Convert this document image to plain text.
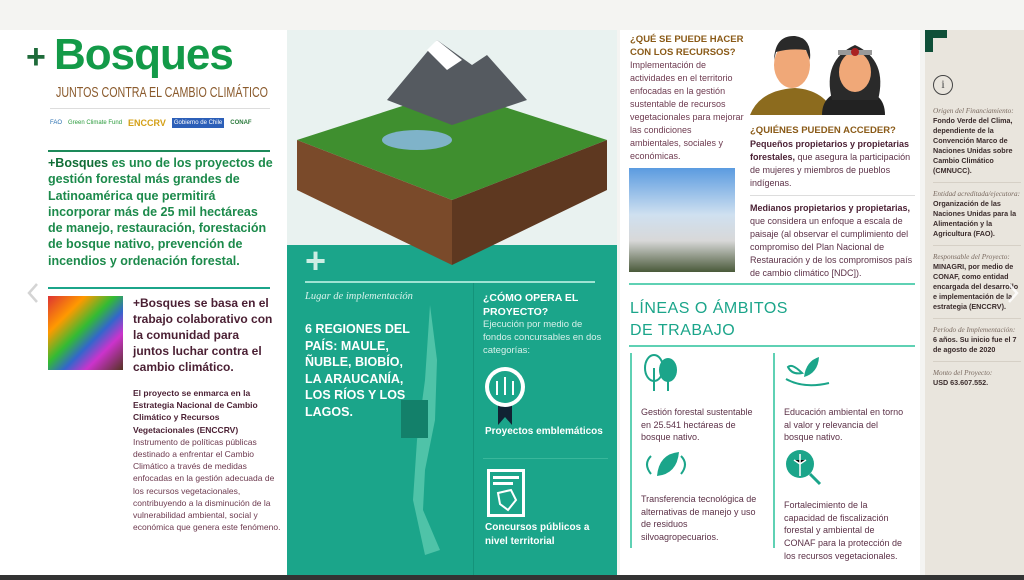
+ Bosques
JUNTOS CONTRA EL CAMBIO CLIMÁTICO
FAO Green Climate Fund ENCCRV	Gobierno de Chile	CONAF
+Bosques es uno de los proyectos de gestión forestal más grandes de Latinoamérica que permitirá incorporar más de 25 mil hectáreas de manejo, restauración, forestación de bosque nativo, prevención de incendios y ordenación forestal.
+Bosques se basa en el trabajo colaborativo con la comunidad para juntos luchar contra el cambio climático.
El proyecto se enmarca en la Estrategia Nacional de Cambio Climático y Recursos Vegetacionales (ENCCRV)
Instrumento de políticas públicas destinado a enfrentar el Cambio Climático a través de medidas enfocadas en la gestión adecuada de los recursos vegetacionales, contribuyendo a la disminución de la vulnerabilidad ambiental, social y económica que genera este fenómeno.
+
Lugar de implementación
6 REGIONES DEL PAÍS: MAULE, ÑUBLE, BIOBÍO, LA ARAUCANÍA, LOS RÍOS Y LOS LAGOS.
¿CÓMO OPERA EL PROYECTO?
Ejecución por medio de fondos concursables en dos categorías:
Proyectos emblemáticos
Concursos públicos a nivel territorial
¿QUÉ SE PUEDE HACER CON LOS RECURSOS?
Implementación de actividades en el territorio enfocadas en la gestión sustentable de recursos vegetacionales para mejorar las condiciones ambientales, sociales y económicas.
¿QUIÉNES PUEDEN ACCEDER?
Pequeños propietarios y propietarias forestales, que asegura la participación de mujeres y miembros de pueblos indígenas.
Medianos propietarios y propietarias, que considera un enfoque a escala de paisaje (al observar el cumplimiento del compromiso del Plan Nacional de Restauración y de los compromisos país de cambio climático [NDC]).
LÍNEAS O ÁMBITOS DE TRABAJO
Gestión forestal sustentable en 25.541 hectáreas de bosque nativo.
Educación ambiental en torno al valor y relevancia del bosque nativo.
Transferencia tecnológica de alternativas de manejo y uso de residuos silvoagropecuarios.
Fortalecimiento de la capacidad de fiscalización forestal y ambiental de CONAF para la protección de los recursos vegetacionales.
i
Origen del Financiamiento:
Fondo Verde del Clima, dependiente de la Convención Marco de Naciones Unidas sobre Cambio Climático (CMNUCC).
Entidad acreditada/ejecutora:
Organización de las Naciones Unidas para la Alimentación y la Agricultura (FAO).
Responsable del Proyecto:
MINAGRI, por medio de CONAF, como entidad encargada del desarrollo e implementación de la estrategia (ENCCRV).
Período de Implementación:
6 años. Su inicio fue el 7 de agosto de 2020
Monto del Proyecto:
USD 63.607.552.
